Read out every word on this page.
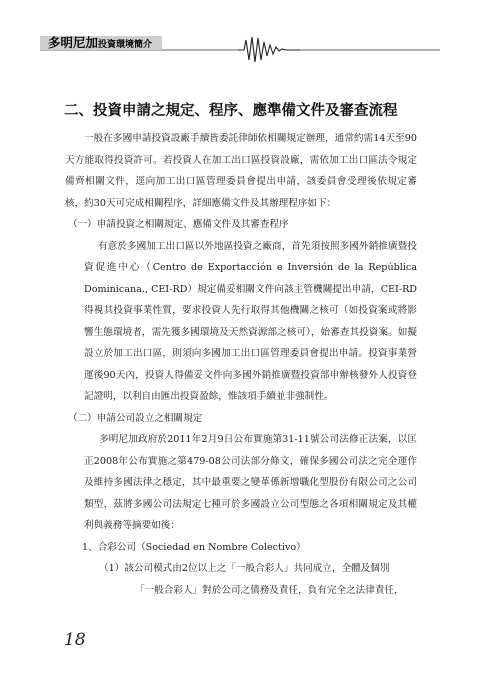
多明尼加投資環境簡介
二、投資申請之規定、程序、應準備文件及審查流程

一般在多國申請投資設廠手續皆委託律師依相關規定辦理，通常約需14天至90天方能取得投資許可。若投資人在加工出口區投資設廠，需依加工出口區法令規定備齊相關文件，逕向加工出口區管理委員會提出申請，該委員會受理後依規定審核，約30天可完成相關程序，詳細應備文件及其辦理程序如下：

（一）申請投資之相關規定、應備文件及其審查程序

有意於多國加工出口區以外地區投資之廠商，首先須按照多國外銷推廣暨投資促進中心（Centro de Exportacción e Inversión de la República Dominicana., CEI-RD）規定備妥相關文件向該主管機關提出申請，CEI-RD得視其投資事業性質，要求投資人先行取得其他機關之核可（如投資案或將影響生態環境者，需先獲多國環境及天然資源部之核可），始審查其投資案。如擬設立於加工出口區，則須向多國加工出口區管理委員會提出申請。投資事業營運後90天內，投資人得備妥文件向多國外銷推廣暨投資部申辦核發外人投資登記證明，以利自由匯出投資盈餘，惟該項手續並非強制性。

（二）申請公司設立之相關規定

多明尼加政府於2011年2月9日公布實施第31-11號公司法修正法案，以匡正2008年公布實施之第479-08公司法部分條文，確保多國公司法之完全運作及維持多國法律之穩定，其中最重要之變革係新增職化型股份有限公司之公司類型，茲將多國公司法規定七種可於多國設立公司型態之各項相關規定及其權利與義務等摘要如後：

1、合彩公司（Sociedad en Nombre Colectivo）

（1）該公司模式由2位以上之「一般合彩人」共同成立，全體及個別

「一般合彩人」對於公司之債務及責任，負有完全之法律責任，

18
